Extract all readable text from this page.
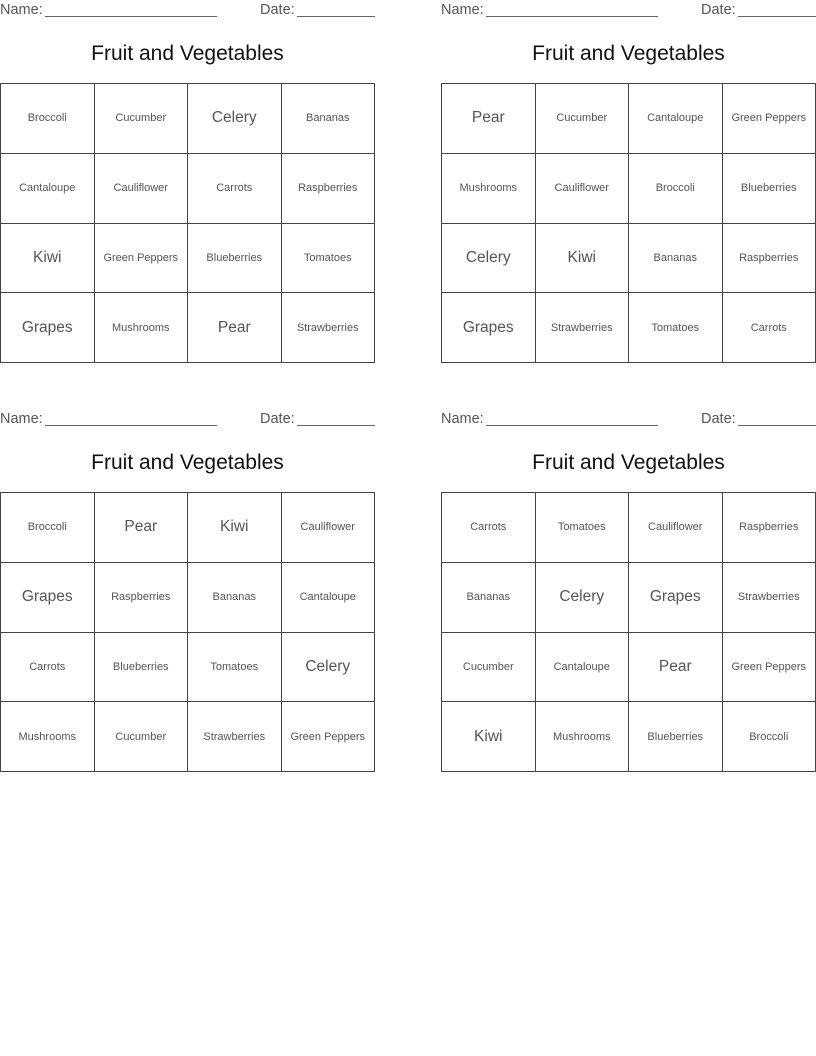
Name:	Date:
Fruit and Vegetables
Broccoli	Cucumber	Celery	Bananas
Cantaloupe	Cauliflower	Carrots	Raspberries
Kiwi	Green Peppers	Blueberries	Tomatoes
Grapes	Mushrooms	Pear	Strawberries
Name:	Date:
Fruit and Vegetables
Pear	Cucumber	Cantaloupe	Green Peppers
Mushrooms	Cauliflower	Broccoli	Blueberries
Celery	Kiwi	Bananas	Raspberries
Grapes	Strawberries	Tomatoes	Carrots
Name:	Date:
Fruit and Vegetables
Broccoli	Pear	Kiwi	Cauliflower
Grapes	Raspberries	Bananas	Cantaloupe
Carrots	Blueberries	Tomatoes	Celery
Mushrooms	Cucumber	Strawberries	Green Peppers
Name:	Date:
Fruit and Vegetables
Carrots	Tomatoes	Cauliflower	Raspberries
Bananas	Celery	Grapes	Strawberries
Cucumber	Cantaloupe	Pear	Green Peppers
Kiwi	Mushrooms	Blueberries	Broccoli
